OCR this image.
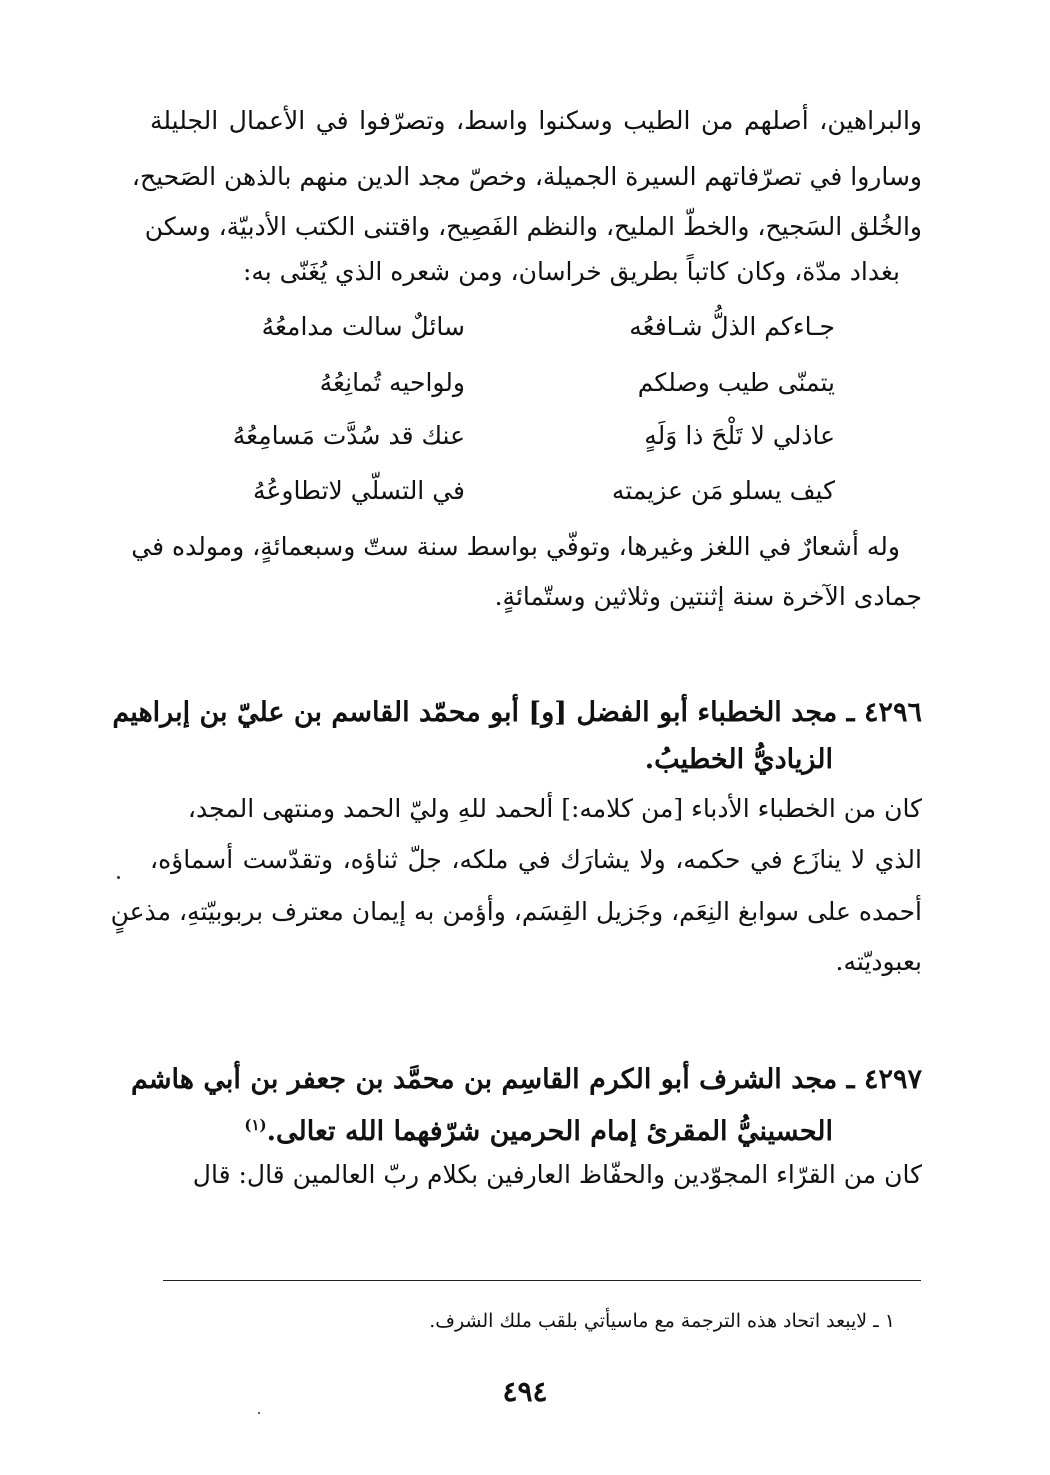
والبراهين، أصلهم من الطيب وسكنوا واسط، وتصرّفوا في الأعمال الجليلة
وساروا في تصرّفاتهم السيرة الجميلة، وخصّ مجد الدين منهم بالذهن الصَحيح،
والخُلق السَجيح، والخطّ المليح، والنظم الفَصِيح، واقتنى الكتب الأدبيّة، وسكن
بغداد مدّة، وكان كاتباً بطريق خراسان، ومن شعره الذي يُغَنّى به:
جـاءكم الذلُّ شـافعُه
سائلٌ سالت مدامعُهُ
يتمنّى طيب وصلكم
ولواحيه تُمانِعُهُ
عاذلي لا تَلْحَ ذا وَلَهٍ
عنك قد سُدَّت مَسامِعُهُ
كيف يسلو مَن عزيمته
في التسلّي لاتطاوعُهُ
وله أشعارٌ في اللغز وغيرها، وتوفّي بواسط سنة ستّ وسبعمائةٍ، ومولده في
جمادى الآخرة سنة إثنتين وثلاثين وستّمائةٍ.
٤٢٩٦ ـ مجد الخطباء أبو الفضل [و] أبو محمّد القاسم بن عليّ بن إبراهيم
الزياديُّ الخطيبُ.
كان من الخطباء الأدباء [من كلامه:] ألحمد للهِ وليّ الحمد ومنتهى المجد،
الذي لا ينازَع في حكمه، ولا يشارَك في ملكه، جلّ ثناؤه، وتقدّست أسماؤه،
أحمده على سوابغ النِعَم، وجَزيل القِسَم، وأؤمن به إيمان معترف بربوبيّتهِ، مذعنٍ
بعبوديّته.
٤٢٩٧ ـ مجد الشرف أبو الكرم القاسِم بن محمَّد بن جعفر بن أبي هاشم
الحسينيُّ المقرئ إمام الحرمين شرّفهما الله تعالى.$^{(١)}$
كان من القرّاء المجوّدين والحفّاظ العارفين بكلام ربّ العالمين قال: قال
١ ـ لايبعد اتحاد هذه الترجمة مع ماسيأتي بلقب ملك الشرف.
٤٩٤
